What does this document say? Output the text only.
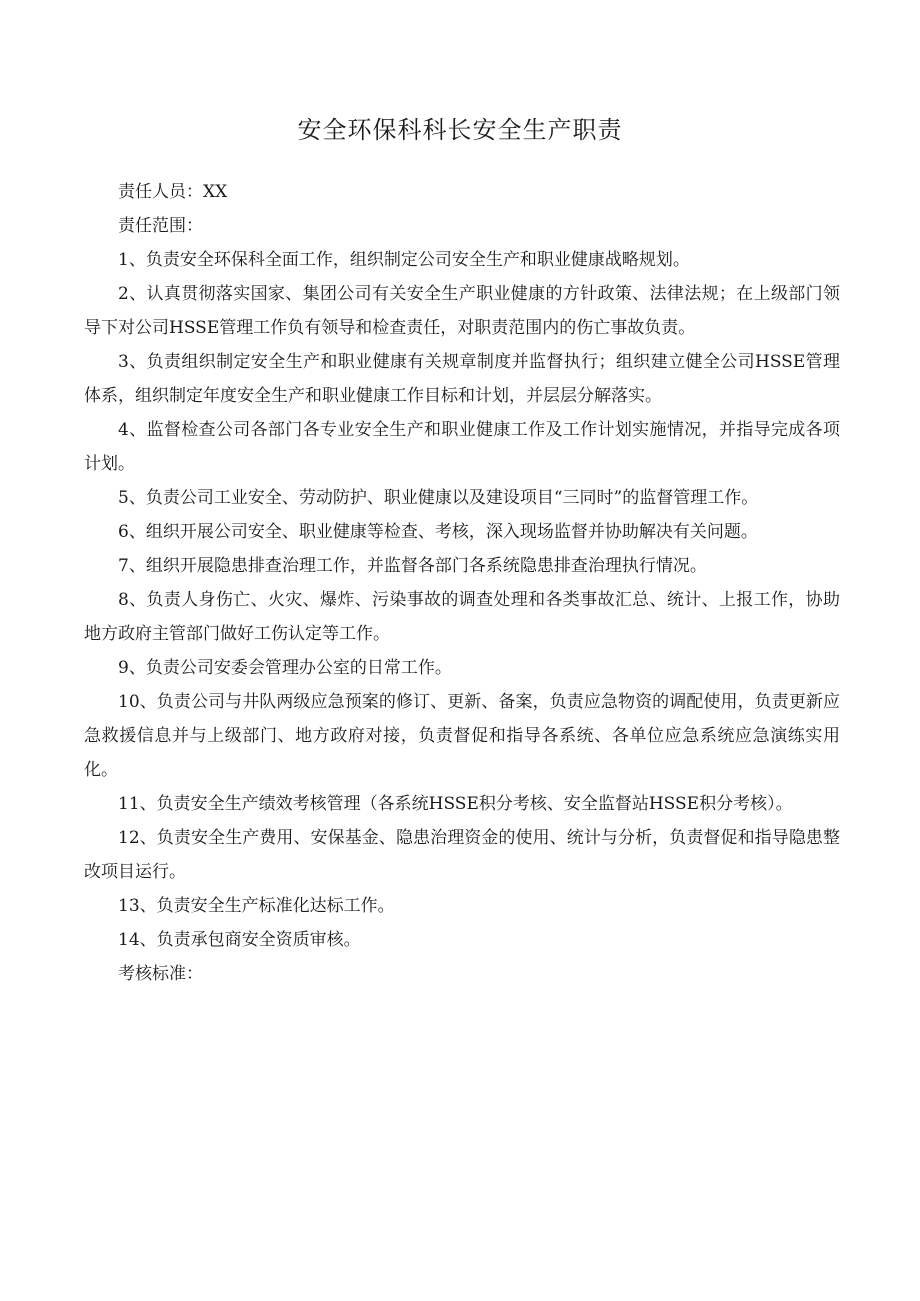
安全环保科科长安全生产职责

责任人员：XX

责任范围：

1、负责安全环保科全面工作，组织制定公司安全生产和职业健康战略规划。

2、认真贯彻落实国家、集团公司有关安全生产职业健康的方针政策、法律法规；在上级部门领导下对公司HSSE管理工作负有领导和检查责任，对职责范围内的伤亡事故负责。

3、负责组织制定安全生产和职业健康有关规章制度并监督执行；组织建立健全公司HSSE管理体系，组织制定年度安全生产和职业健康工作目标和计划，并层层分解落实。

4、监督检查公司各部门各专业安全生产和职业健康工作及工作计划实施情况，并指导完成各项计划。

5、负责公司工业安全、劳动防护、职业健康以及建设项目“三同时”的监督管理工作。

6、组织开展公司安全、职业健康等检查、考核，深入现场监督并协助解决有关问题。

7、组织开展隐患排查治理工作，并监督各部门各系统隐患排查治理执行情况。

8、负责人身伤亡、火灾、爆炸、污染事故的调查处理和各类事故汇总、统计、上报工作，协助地方政府主管部门做好工伤认定等工作。

9、负责公司安委会管理办公室的日常工作。

10、负责公司与井队两级应急预案的修订、更新、备案，负责应急物资的调配使用，负责更新应急救援信息并与上级部门、地方政府对接，负责督促和指导各系统、各单位应急系统应急演练实用化。

11、负责安全生产绩效考核管理（各系统HSSE积分考核、安全监督站HSSE积分考核）。

12、负责安全生产费用、安保基金、隐患治理资金的使用、统计与分析，负责督促和指导隐患整改项目运行。

13、负责安全生产标准化达标工作。

14、负责承包商安全资质审核。

考核标准：
